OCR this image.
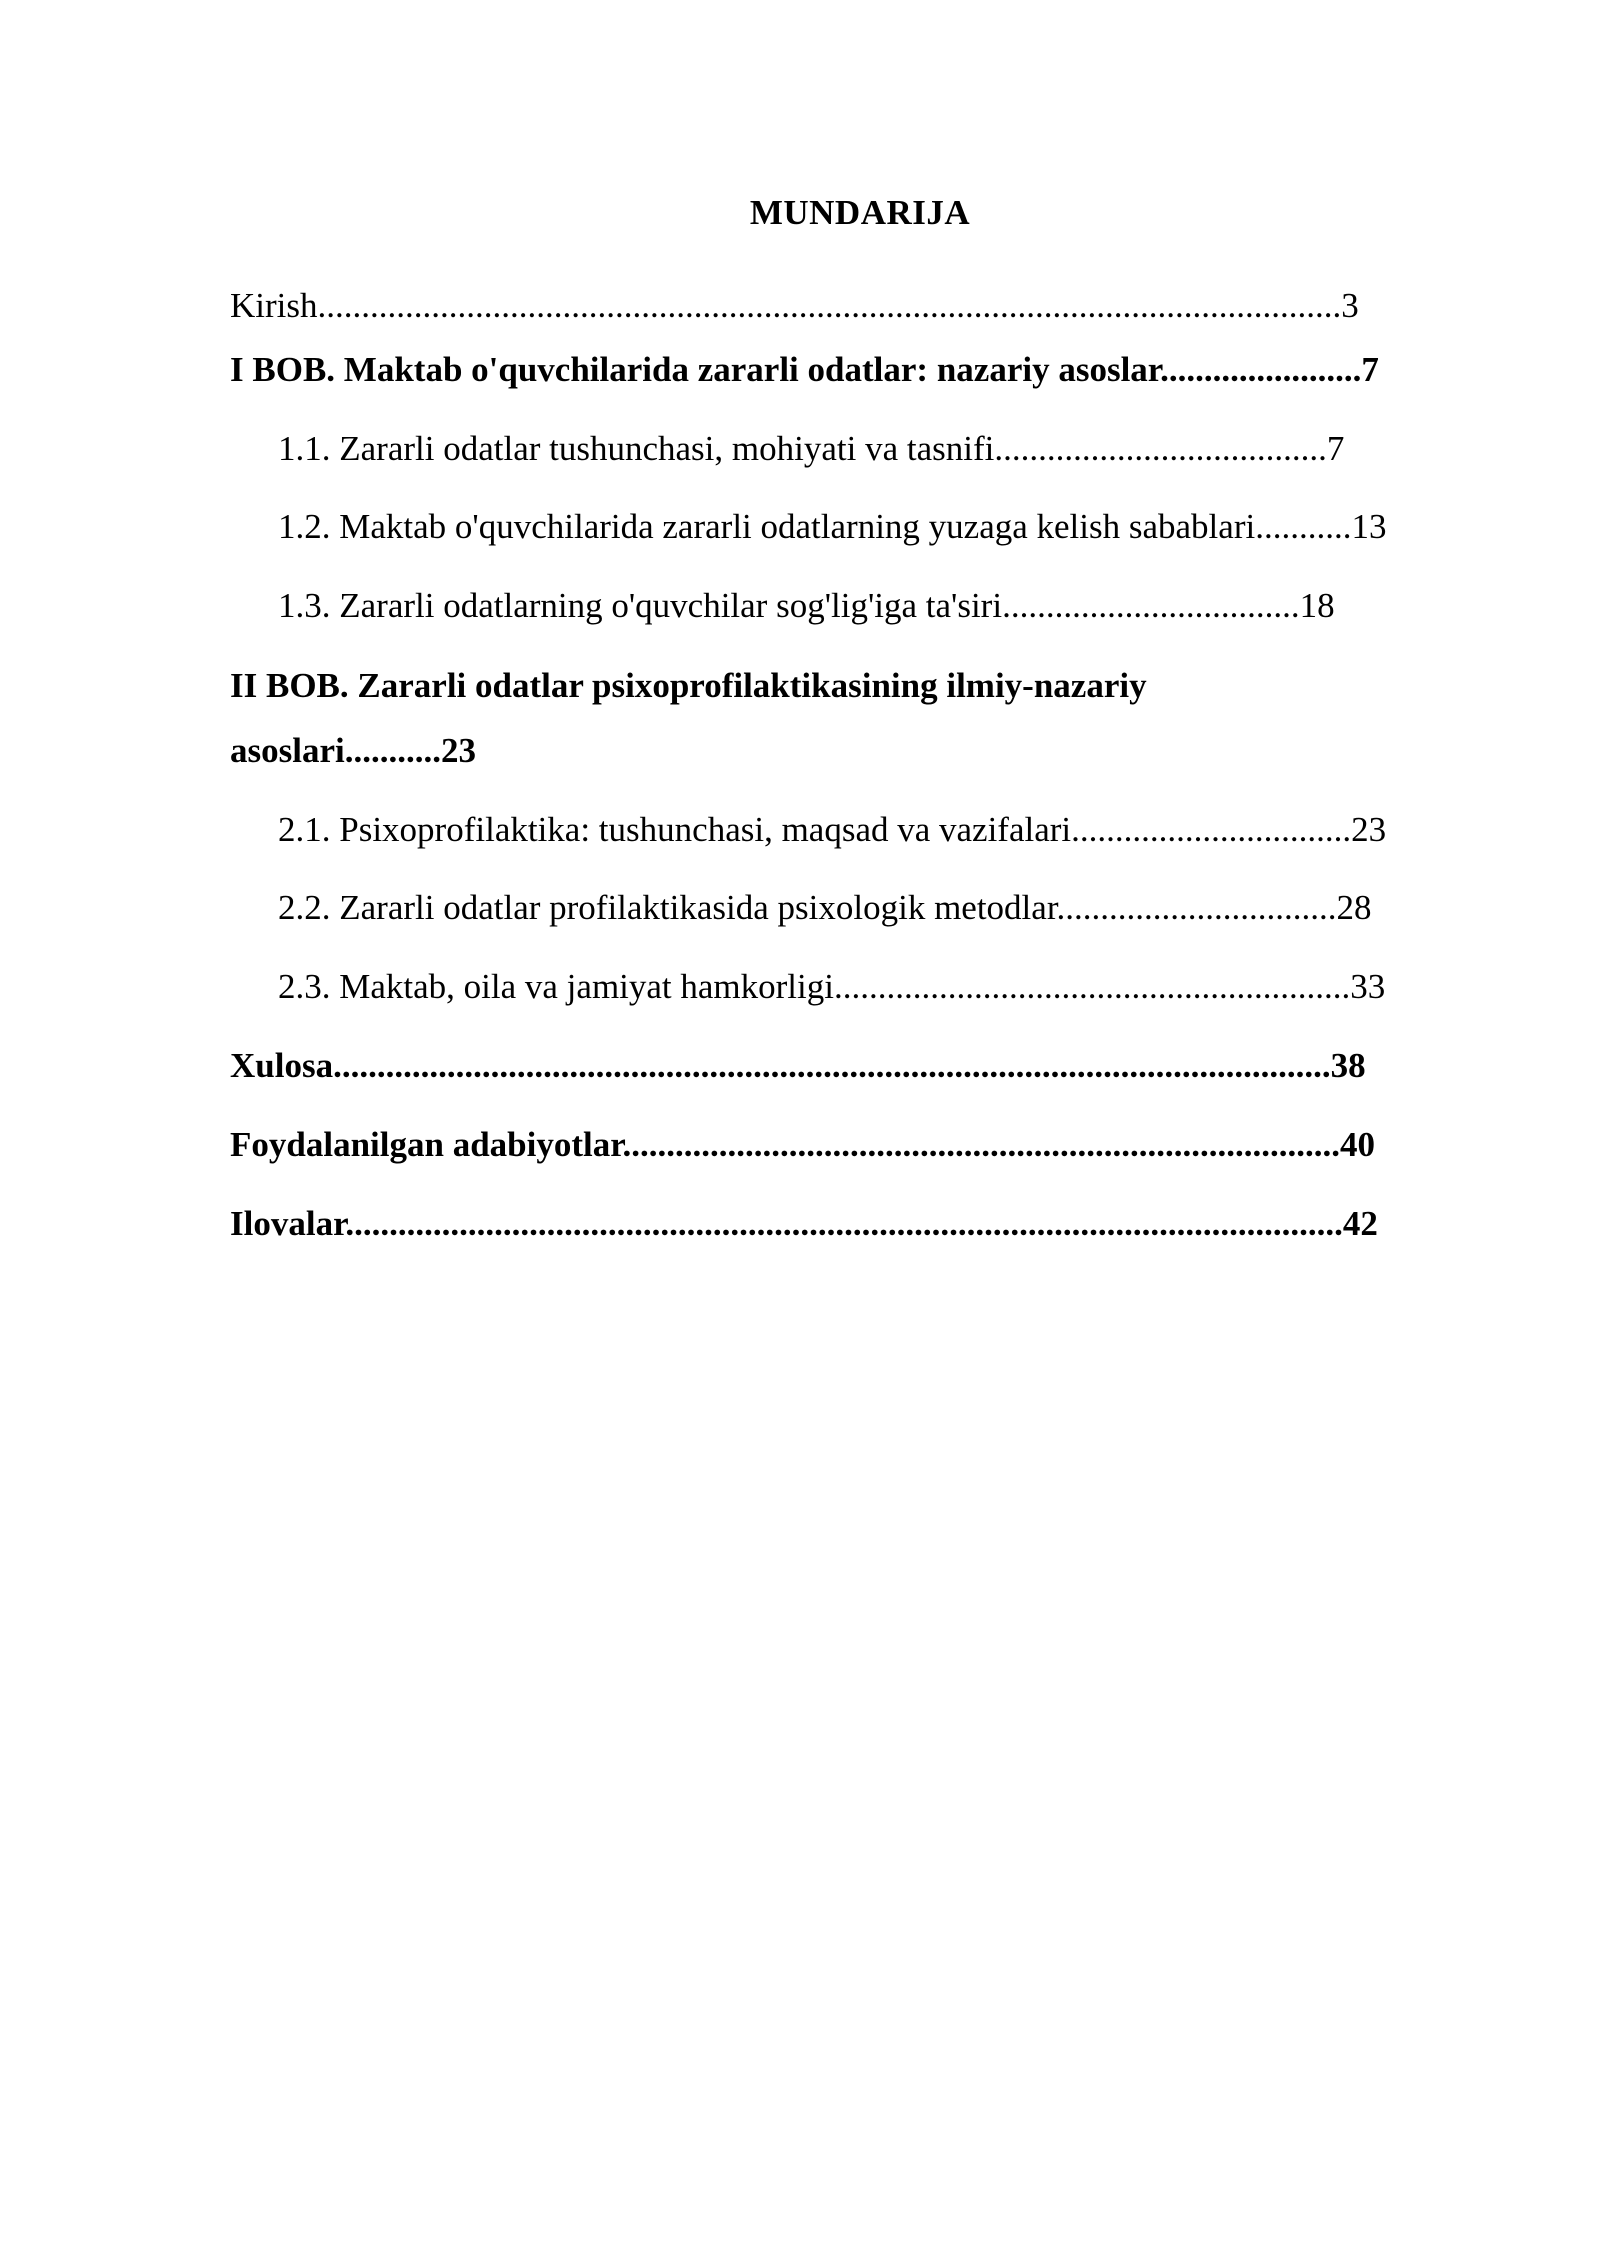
MUNDARIJA
Kirish.....................................................................................................................3
I BOB. Maktab o'quvchilarida zararli odatlar: nazariy asoslar.......................7
1.1. Zararli odatlar tushunchasi, mohiyati va tasnifi......................................7
1.2. Maktab o'quvchilarida zararli odatlarning yuzaga kelish sabablari...........13
1.3. Zararli odatlarning o'quvchilar sog'lig'iga ta'siri..................................18
II BOB. Zararli odatlar psixoprofilaktikasining ilmiy-nazariy
asoslari...........23
2.1. Psixoprofilaktika: tushunchasi, maqsad va vazifalari................................23
2.2. Zararli odatlar profilaktikasida psixologik metodlar................................28
2.3. Maktab, oila va jamiyat hamkorligi...........................................................33
Xulosa..................................................................................................................38
Foydalanilgan adabiyotlar..................................................................................40
Ilovalar..................................................................................................................42
